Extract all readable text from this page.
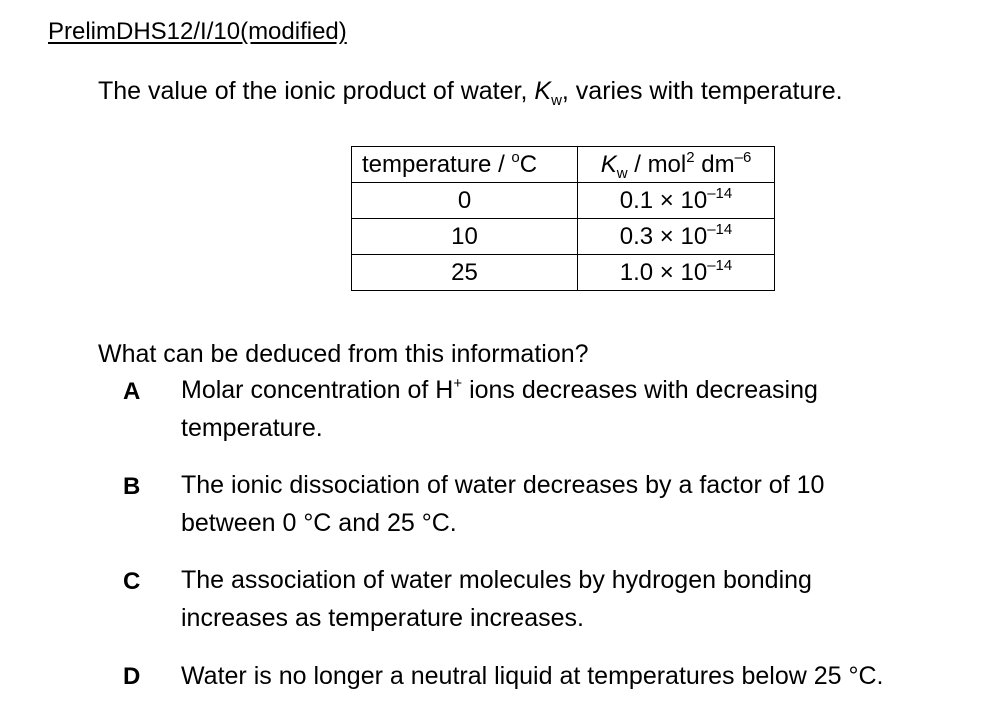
PrelimDHS12/I/10(modified)
The value of the ionic product of water, $K_w$, varies with temperature.
temperature / $^o$C	$K_w / mol^2$ $dm^{-6}$
0	$0.1 \times 10^{-14}$
10	$0.3 \times 10^{-14}$
25	$1.0 \times 10^{-14}$
What can be deduced from this information?
A	Molar concentration of H+ ions decreases with decreasing
temperature.
B	The ionic dissociation of water decreases by a factor of 10
between 0 °C and 25 °C.
C	The association of water molecules by hydrogen bonding
increases as temperature increases.
D	Water is no longer a neutral liquid at temperatures below 25 °C.
